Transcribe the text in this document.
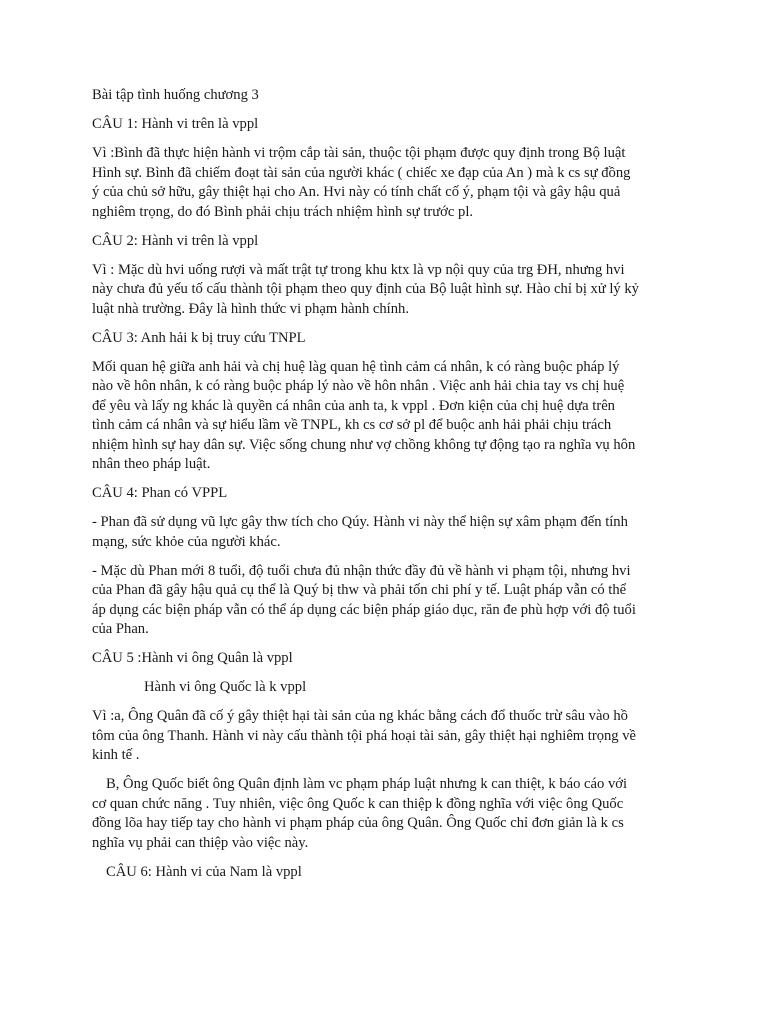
Bài tập tình huống chương 3

CÂU 1: Hành vi trên là vppl

Vì :Bình đã thực hiện hành vi trộm cắp tài sản, thuộc tội phạm được quy định trong Bộ luật

Hình sự. Bình đã chiếm đoạt tài sản của người khác ( chiếc xe đạp của An ) mà k cs sự đồng

ý của chủ sở hữu, gây thiệt hại cho An. Hvi này có tính chất cố ý, phạm tội và gây hậu quả

nghiêm trọng, do đó Bình phải chịu trách nhiệm hình sự trước pl.

CÂU 2: Hành vi trên là vppl

Vì : Mặc dù hvi uống rượi và mất trật tự trong khu ktx là vp nội quy của trg ĐH, nhưng hvi

này chưa đủ yếu tố cấu thành tội phạm theo quy định của Bộ luật hình sự. Hào chỉ bị xử lý kỷ

luật nhà trường. Đây là hình thức vi phạm hành chính.

CÂU 3: Anh hải k bị truy cứu TNPL

Mối quan hệ giữa anh hải và chị huệ làg quan hệ tình cảm cá nhân, k có ràng buộc pháp lý

nào về hôn nhân, k có ràng buộc pháp lý nào về hôn nhân . Việc anh hải chia tay vs chị huệ

để yêu và lấy ng khác là quyền cá nhân của anh ta, k vppl . Đơn kiện của chị huệ dựa trên

tình cảm cá nhân và sự hiểu lầm về TNPL, kh cs cơ sở pl để buộc anh hải phải chịu trách

nhiệm hình sự hay dân sự. Việc sống chung như vợ chồng không tự động tạo ra nghĩa vụ hôn

nhân theo pháp luật.

CÂU 4: Phan có VPPL

- Phan đã sử dụng vũ lực gây thw tích cho Qúy. Hành vi này thể hiện sự xâm phạm đến tính

mạng, sức khỏe của người khác.

- Mặc dù Phan mới 8 tuổi, độ tuổi chưa đủ nhận thức đầy đủ về hành vi phạm tội, nhưng hvi

của Phan đã gây hậu quả cụ thể là Quý bị thw và phải tốn chi phí y tế. Luật pháp vẫn có thể

áp dụng các biện pháp vẫn có thể áp dụng các biện pháp giáo dục, răn đe phù hợp với độ tuổi

của Phan.

CÂU 5 :Hành vi ông Quân là vppl

Hành vi ông Quốc là k vppl

Vì :a, Ông Quân đã cố ý gây thiệt hại tài sản của ng khác bằng cách đổ thuốc trừ sâu vào hồ

tôm của ông Thanh. Hành vi này cấu thành tội phá hoại tài sản, gây thiệt hại nghiêm trọng về

kinh tế .

B, Ông Quốc biết ông Quân định làm vc phạm pháp luật nhưng k can thiệt, k báo cáo với

cơ quan chức năng . Tuy nhiên, việc ông Quốc k can thiệp k đồng nghĩa với việc ông Quốc

đồng lõa hay tiếp tay cho hành vi phạm pháp của ông Quân. Ông Quốc chỉ đơn giản là k cs

nghĩa vụ phải can thiệp vào việc này.

CÂU 6: Hành vi của Nam là vppl
